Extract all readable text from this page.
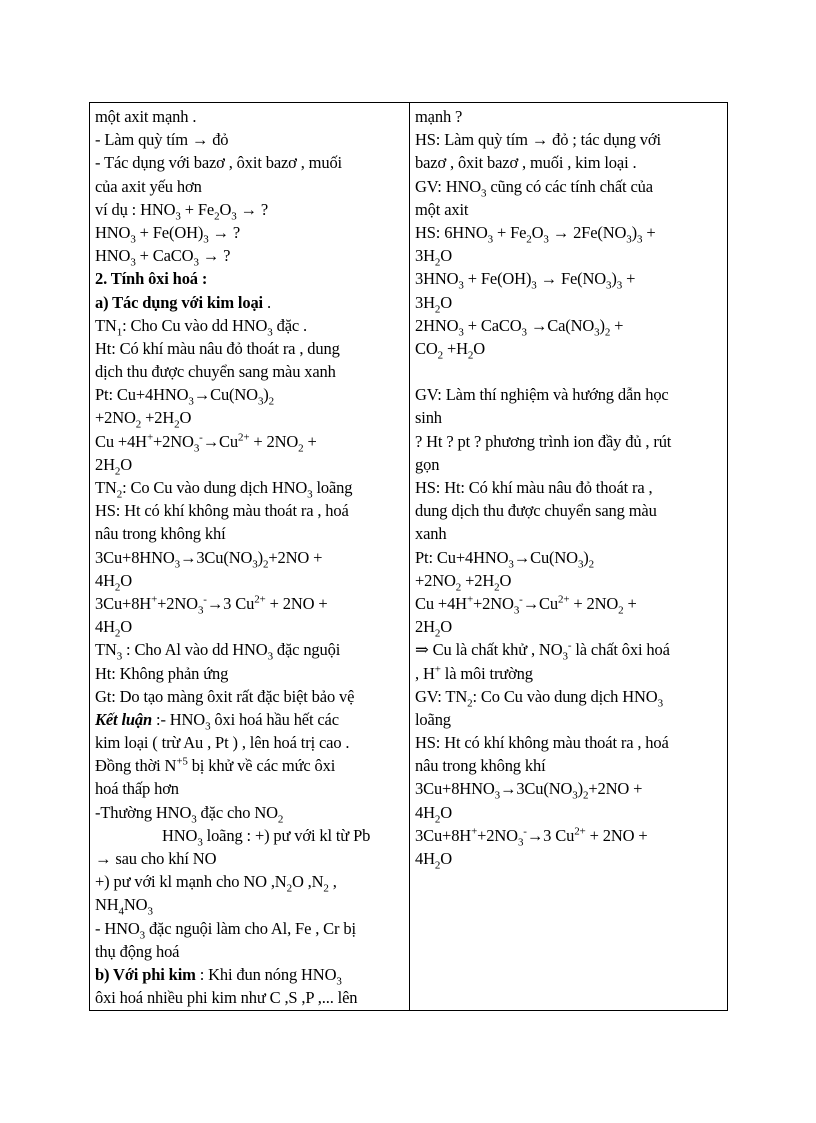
một axit mạnh .
- Làm quỳ tím → đỏ
- Tác dụng với bazơ , ôxit bazơ , muối
của axit yếu hơn
ví dụ : $HNO_3 + Fe_2O_3$ → ?
$HNO_3 + Fe(OH)_3$ → ?
$HNO_3$ + CaCO$_3$ → ?
2. Tính ôxi hoá :
a) Tác dụng với kim loại .
$TN_1$: Cho Cu vào dd $HNO_3$ đặc .
Ht: Có khí màu nâu đỏ thoát ra , dung
dịch thu được chuyển sang màu xanh
Pt: $Cu+4HNO_3\to Cu(NO_3)_2$
$+2NO_2 +2H_2O$
$Cu +4H^++2NO_3^-\to Cu^{2+} + 2NO_2$ +
$2H_2O$
$TN_2$: Co Cu vào dung dịch $HNO_3$ loãng
HS: Ht có khí không màu thoát ra , hoá
nâu trong không khí
$3Cu+8HNO_3\to 3Cu(NO_3)_2+2NO$ +
$4H_2O$
$3Cu+8H^++2NO_3^-\to 3$ $Cu^{2+} + 2NO$ +
$4H_2O$
$TN_3$ : Cho Al vào dd $HNO_3$ đặc nguội
Ht: Không phản ứng
Gt: Do tạo màng ôxit rất đặc biệt bảo vệ
Kết luận :- $HNO_3$ ôxi hoá hầu hết các
kim loại ( trừ Au , Pt ) , lên hoá trị cao .
Đồng thời $N^{+5}$ bị khử về các mức ôxi
hoá thấp hơn
-Thường $HNO_3$ đặc cho $NO_2$
$HNO_3$ loãng : +) pư với kl từ Pb
→ sau cho khí NO
+) pư với kl mạnh cho NO $,N_2O$ $,N_2$ ,
$NH_4NO_3$
- $HNO_3$ đặc nguội làm cho Al, Fe , Cr bị
thụ động hoá
b) Với phi kim : Khi đun nóng $HNO_3$
ôxi hoá nhiều phi kim như C ,S ,P ,... lên
mạnh ?
HS: Làm quỳ tím → đỏ ; tác dụng với
bazơ , ôxit bazơ , muối , kim loại .
GV: $HNO_3$ cũng có các tính chất của
một axit
HS: $6HNO_3 + Fe_2O_3 \to 2Fe(NO_3)_3$ +
$3H_2O$
$3HNO_3 + Fe(OH)_3 \to Fe(NO_3)_3$ +
$3H_2O$
$2HNO_3$ + CaCO$_3$ $\to Ca(NO_3)_2$ +
$CO_2 +H_2O$
GV: Làm thí nghiệm và hướng dẫn học
sinh
? Ht ? pt ? phương trình ion đầy đủ , rút
gọn
HS: Ht: Có khí màu nâu đỏ thoát ra ,
dung dịch thu được chuyển sang màu
xanh
Pt: $Cu+4HNO_3\to Cu(NO_3)_2$
$+2NO_2 +2H_2O$
$Cu +4H^++2NO_3^-\to Cu^{2+} + 2NO_2$ +
$2H_2O$
⇒ Cu là chất khử , $NO_3^-$ là chất ôxi hoá
, H+ là môi trường
GV: $TN_2$: Co Cu vào dung dịch $HNO_3$
loãng
HS: Ht có khí không màu thoát ra , hoá
nâu trong không khí
$3Cu+8HNO_3\to 3Cu(NO_3)_2+2NO$ +
$4H_2O$
$3Cu+8H^++2NO_3^-\to 3$ $Cu^{2+} + 2NO$ +
$4H_2O$
